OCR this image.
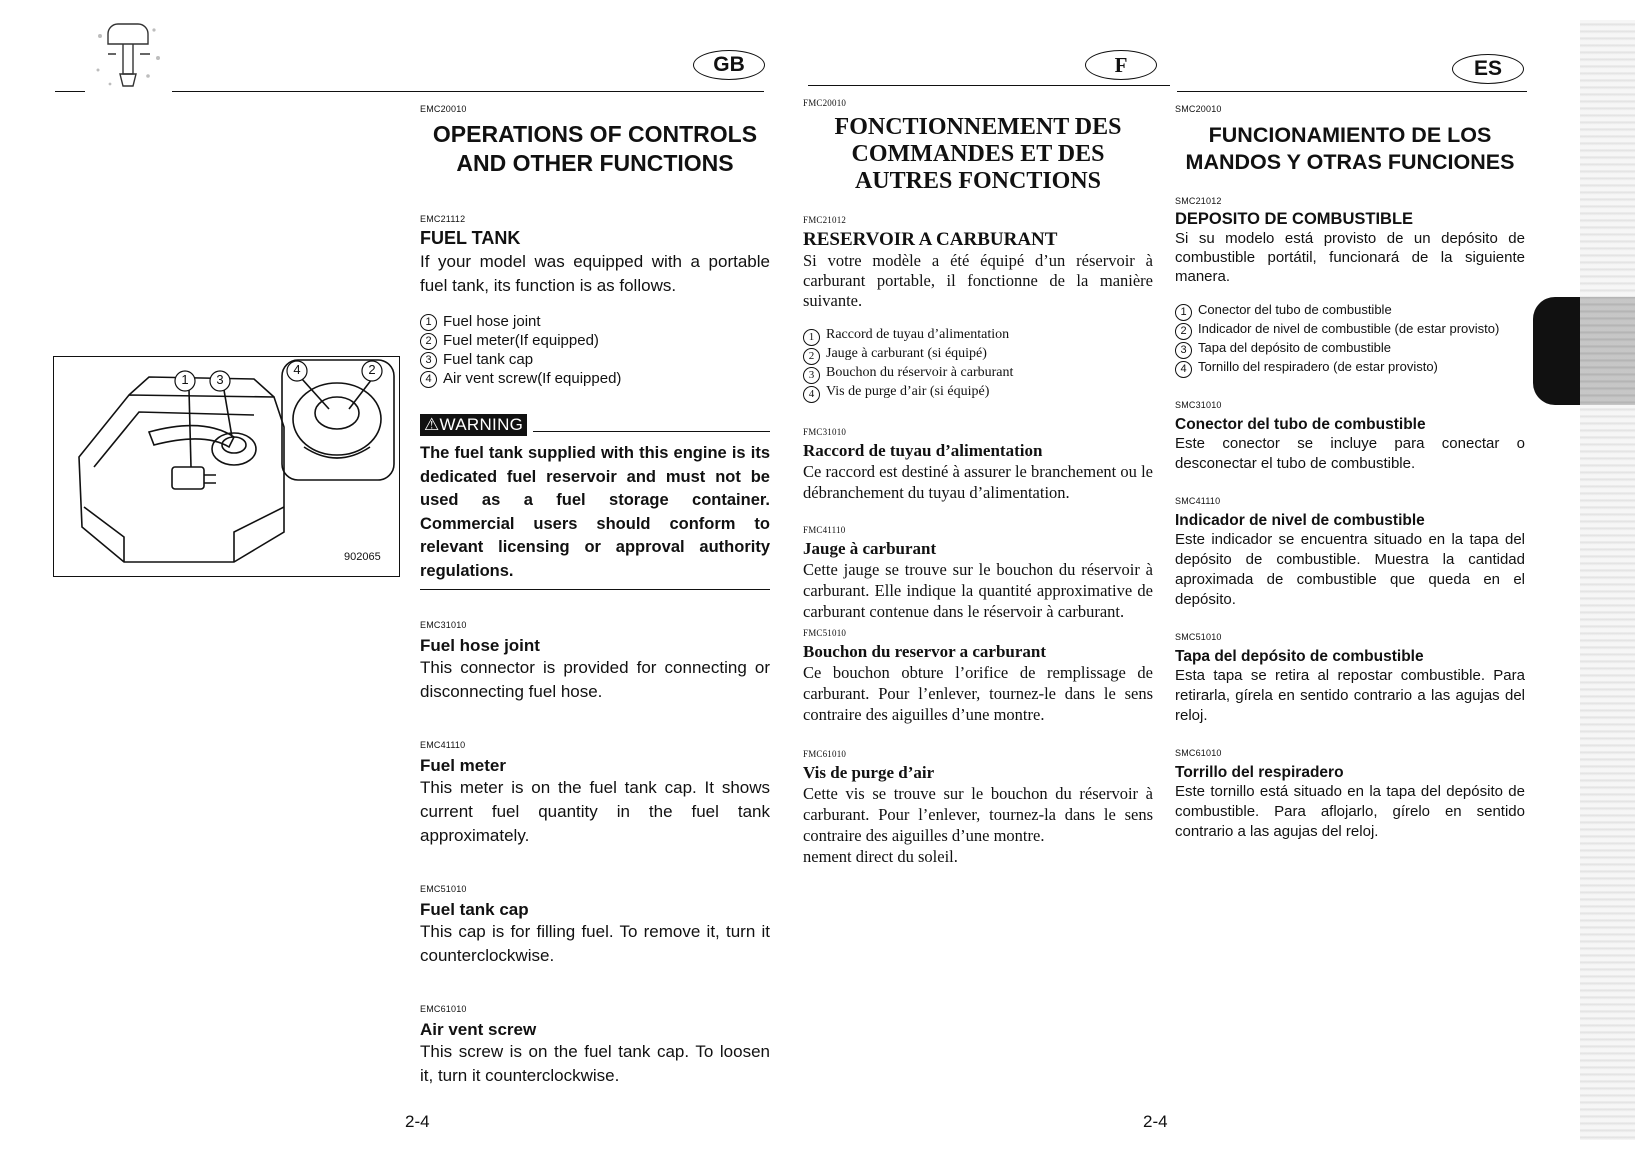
GB	F	ES
1 3
4	2
902065
EMC20010
OPERATIONS OF CONTROLS
AND OTHER FUNCTIONS
EMC21112
FUEL TANK
If your model was equipped with a portable fuel tank, its function is as follows.
1 Fuel hose joint
2 Fuel meter(If equipped)
3 Fuel tank cap
4 Air vent screw(If equipped)
⚠WARNING
The fuel tank supplied with this engine is its dedicated fuel reservoir and must not be used as a fuel storage container. Commercial users should conform to relevant licensing or approval authority regulations.
EMC31010
Fuel hose joint
This connector is provided for connecting or disconnecting fuel hose.
EMC41110
Fuel meter
This meter is on the fuel tank cap. It shows current fuel quantity in the fuel tank approximately.
EMC51010
Fuel tank cap
This cap is for filling fuel. To remove it, turn it counterclockwise.
EMC61010
Air vent screw
This screw is on the fuel tank cap. To loosen it, turn it counterclockwise.
2-4
FMC20010
FONCTIONNEMENT DES
COMMANDES ET DES
AUTRES FONCTIONS
FMC21012
RESERVOIR A CARBURANT
Si votre modèle a été équipé d’un réservoir à carburant portable, il fonctionne de la manière suivante.
1 Raccord de tuyau d’alimentation
2 Jauge à carburant (si équipé)
3 Bouchon du réservoir à carburant
4 Vis de purge d’air (si équipé)
FMC31010
Raccord de tuyau d’alimentation
Ce raccord est destiné à assurer le branchement ou le débranchement du tuyau d’alimentation.
FMC41110
Jauge à carburant
Cette jauge se trouve sur le bouchon du réservoir à carburant. Elle indique la quantité approximative de carburant contenue dans le réservoir à carburant.
FMC51010
Bouchon du reservor a carburant
Ce bouchon obture l’orifice de remplissage de carburant. Pour l’enlever, tournez-le dans le sens contraire des aiguilles d’une montre.
FMC61010
Vis de purge d’air
Cette vis se trouve sur le bouchon du réservoir à carburant. Pour l’enlever, tournez-la dans le sens contraire des aiguilles d’une montre.
nement direct du soleil.
2-4
SMC20010
FUNCIONAMIENTO DE LOS
MANDOS Y OTRAS FUNCIONES
SMC21012
DEPOSITO DE COMBUSTIBLE
Si su modelo está provisto de un depósito de combustible portátil, funcionará de la siguiente manera.
1 Conector del tubo de combustible
2 Indicador de nivel de combustible (de estar provisto)
3 Tapa del depósito de combustible
4 Tornillo del respiradero (de estar provisto)
SMC31010
Conector del tubo de combustible
Este conector se incluye para conectar o desconectar el tubo de combustible.
SMC41110
Indicador de nivel de combustible
Este indicador se encuentra situado en la tapa del depósito de combustible. Muestra la cantidad aproximada de combustible que queda en el depósito.
SMC51010
Tapa del depósito de combustible
Esta tapa se retira al repostar combustible. Para retirarla, gírela en sentido contrario a las agujas del reloj.
SMC61010
Torrillo del respiradero
Este tornillo está situado en la tapa del depósito de combustible. Para aflojarlo, gírelo en sentido contrario a las agujas del reloj.
